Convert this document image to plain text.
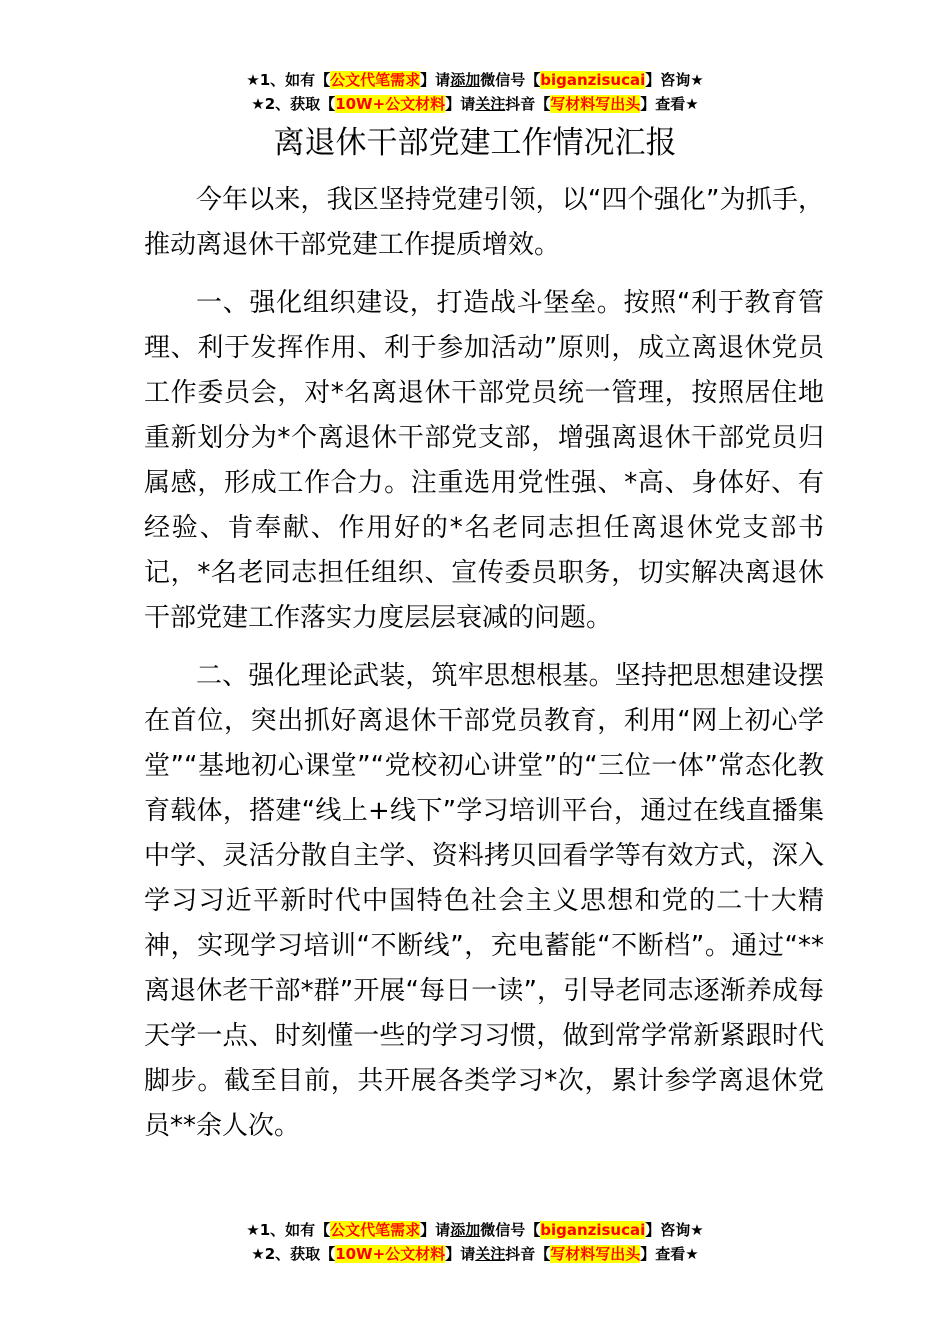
★1、如有【公文代笔需求】请添加微信号【biganzisucai】咨询★
★2、获取【10W+公文材料】请关注抖音【写材料写出头】查看★
离退休干部党建工作情况汇报

今年以来，我区坚持党建引领，以“四个强化”为抓手，推动离退休干部党建工作提质增效。

一、强化组织建设，打造战斗堡垒。按照“利于教育管理、利于发挥作用、利于参加活动”原则，成立离退休党员工作委员会，对*名离退休干部党员统一管理，按照居住地重新划分为*个离退休干部党支部，增强离退休干部党员归属感，形成工作合力。注重选用党性强、*高、身体好、有经验、肯奉献、作用好的*名老同志担任离退休党支部书记，*名老同志担任组织、宣传委员职务，切实解决离退休干部党建工作落实力度层层衰减的问题。

二、强化理论武装，筑牢思想根基。坚持把思想建设摆在首位，突出抓好离退休干部党员教育，利用“网上初心学堂”“基地初心课堂”“党校初心讲堂”的“三位一体”常态化教育载体，搭建“线上+线下”学习培训平台，通过在线直播集中学、灵活分散自主学、资料拷贝回看学等有效方式，深入学习习近平新时代中国特色社会主义思想和党的二十大精神，实现学习培训“不断线”，充电蓄能“不断档”。通过“**离退休老干部*群”开展“每日一读”，引导老同志逐渐养成每天学一点、时刻懂一些的学习习惯，做到常学常新紧跟时代脚步。截至目前，共开展各类学习*次，累计参学离退休党员**余人次。

★1、如有【公文代笔需求】请添加微信号【biganzisucai】咨询★
★2、获取【10W+公文材料】请关注抖音【写材料写出头】查看★
